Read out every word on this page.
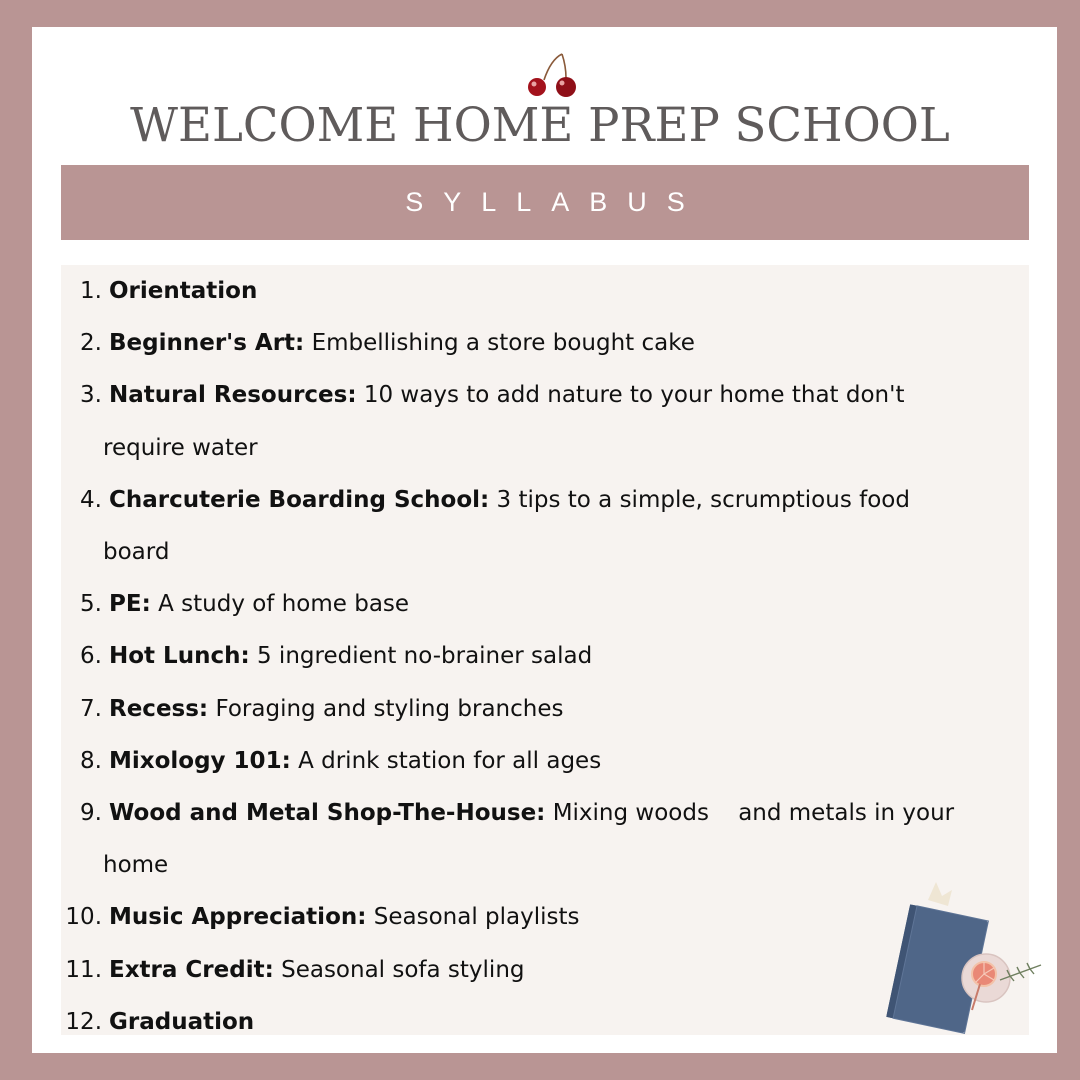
WELCOME HOME PREP SCHOOL
SYLLABUS
1. Orientation
2. Beginner's Art: Embellishing a store bought cake
3. Natural Resources: 10 ways to add nature to your home that don't
require water
4. Charcuterie Boarding School: 3 tips to a simple, scrumptious food
board
5. PE: A study of home base
6. Hot Lunch: 5 ingredient no-brainer salad
7. Recess: Foraging and styling branches
8. Mixology 101: A drink station for all ages
9. Wood and Metal Shop-The-House: Mixing woods    and metals in your
home
10. Music Appreciation: Seasonal playlists
11. Extra Credit: Seasonal sofa styling
12. Graduation
